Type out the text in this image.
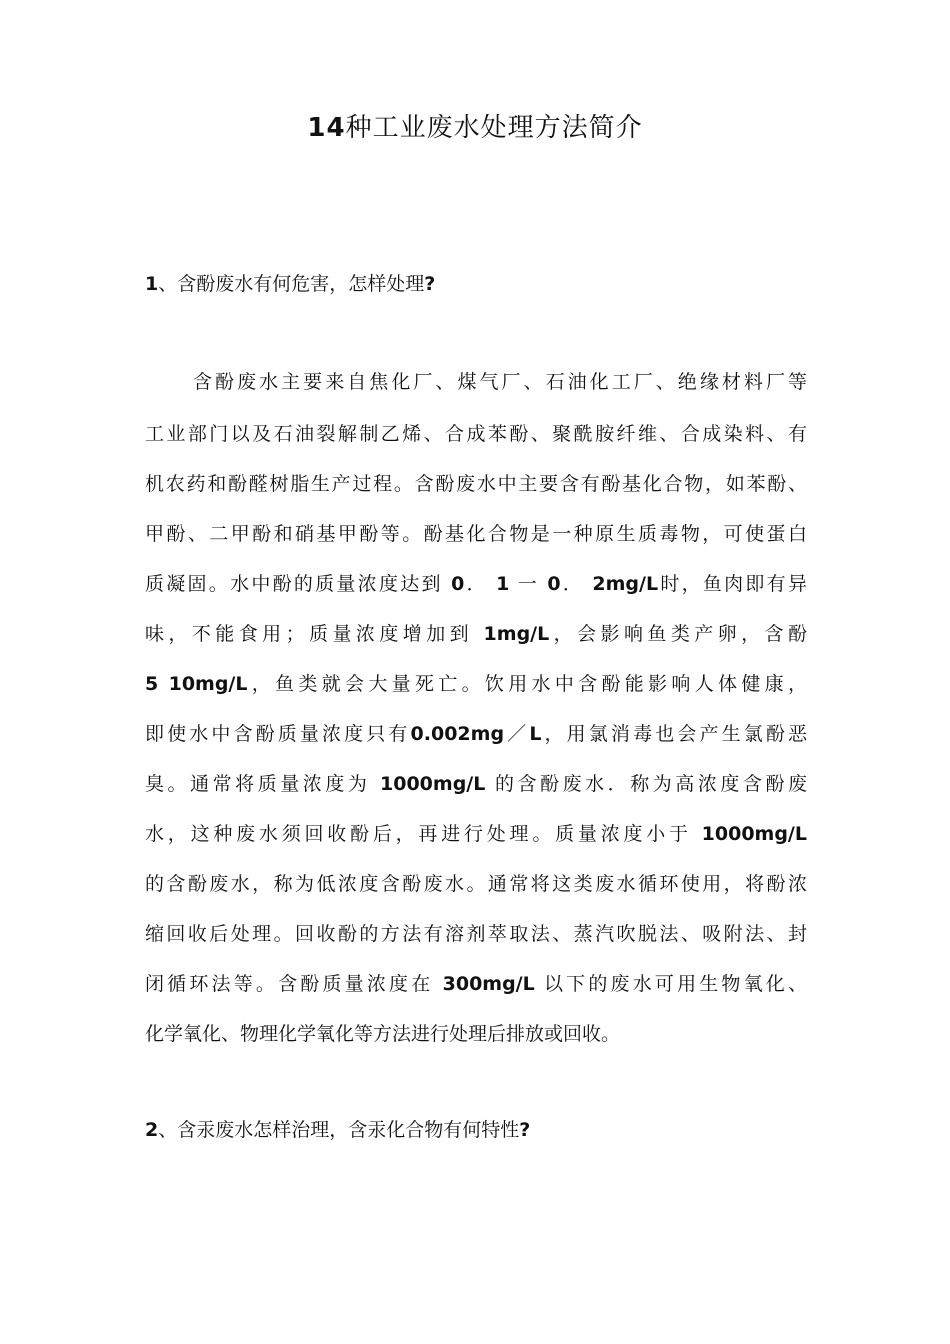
14种工业废水处理方法简介
1、含酚废水有何危害，怎样处理?
含酚废水主要来自焦化厂、煤气厂、石油化工厂、绝缘材料厂等
工业部门以及石油裂解制乙烯、合成苯酚、聚酰胺纤维、合成染料、有
机农药和酚醛树脂生产过程。含酚废水中主要含有酚基化合物，如苯酚、
甲酚、二甲酚和硝基甲酚等。酚基化合物是一种原生质毒物，可使蛋白
质凝固。水中酚的质量浓度达到 0． 1 一 0． 2mg/L时，鱼肉即有异
味，不能食用；质量浓度增加到 1mg/L，会影响鱼类产卵，含酚
5 10mg/L，鱼类就会大量死亡。饮用水中含酚能影响人体健康，
即使水中含酚质量浓度只有0.002mg／L，用氯消毒也会产生氯酚恶
臭。通常将质量浓度为 1000mg/L 的含酚废水．称为高浓度含酚废
水，这种废水须回收酚后，再进行处理。质量浓度小于 1000mg/L
的含酚废水，称为低浓度含酚废水。通常将这类废水循环使用，将酚浓
缩回收后处理。回收酚的方法有溶剂萃取法、蒸汽吹脱法、吸附法、封
闭循环法等。含酚质量浓度在 300mg/L 以下的废水可用生物氧化、
化学氧化、物理化学氧化等方法进行处理后排放或回收。
2、含汞废水怎样治理，含汞化合物有何特性?
